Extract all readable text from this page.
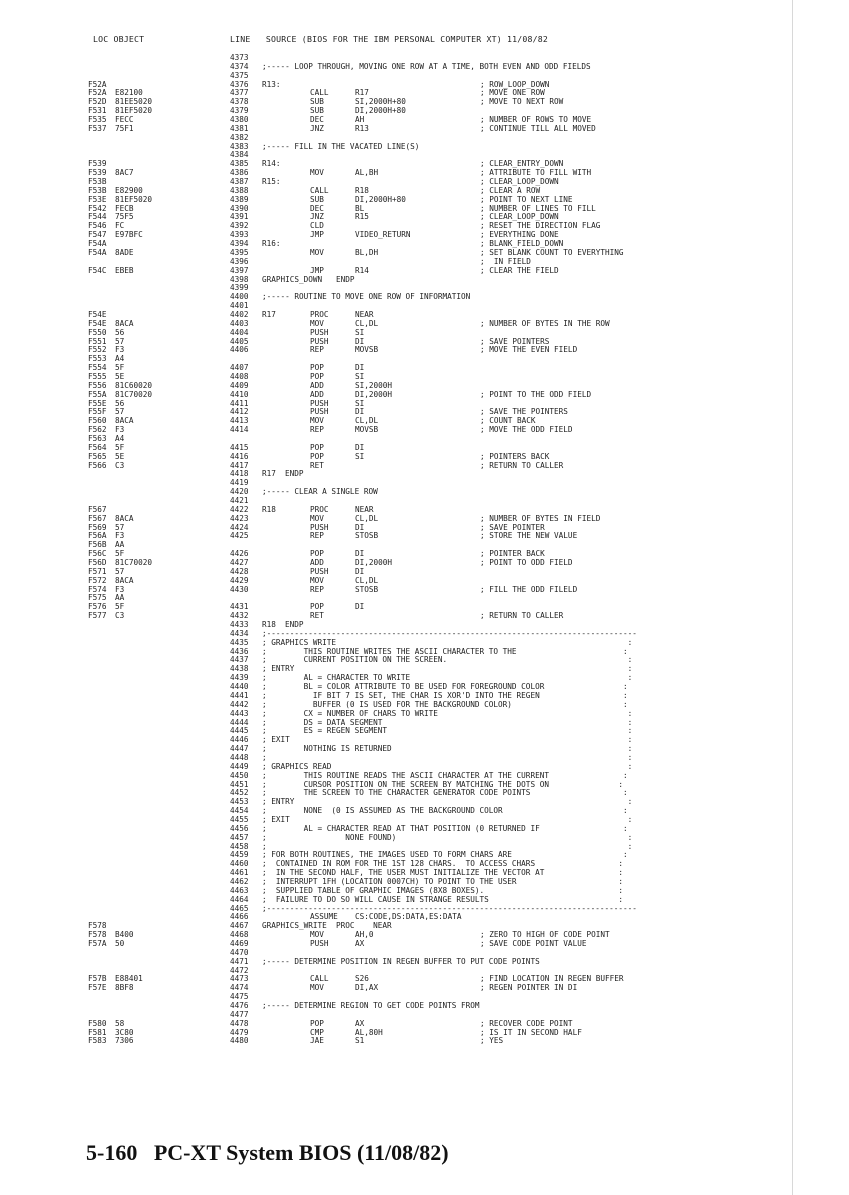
LOC OBJECT	LINE   SOURCE (BIOS FOR THE IBM PERSONAL COMPUTER XT) 11/08/82
4373
4374 ;----- LOOP THROUGH, MOVING ONE ROW AT A TIME, BOTH EVEN AND ODD FIELDS
4375
F52A	4376 R13:	; ROW_LOOP_DOWN
F52A E82100	4377	CALL	R17	; MOVE ONE ROW
F52D 81EE5020	4378	SUB	SI,2000H+80	; MOVE TO NEXT ROW
F531 81EF5020	4379	SUB	DI,2000H+80
F535 FECC	4380	DEC	AH	; NUMBER OF ROWS TO MOVE
F537 75F1	4381	JNZ	R13	; CONTINUE TILL ALL MOVED
4382
4383 ;----- FILL IN THE VACATED LINE(S)
4384
F539	4385 R14:	; CLEAR_ENTRY_DOWN
F539 8AC7	4386	MOV	AL,BH	; ATTRIBUTE TO FILL WITH
F53B	4387 R15:	; CLEAR_LOOP_DOWN
F53B E82900	4388	CALL	R18	; CLEAR A ROW
F53E 81EF5020	4389	SUB	DI,2000H+80	; POINT TO NEXT LINE
F542 FECB	4390	DEC	BL	; NUMBER OF LINES TO FILL
F544 75F5	4391	JNZ	R15	; CLEAR_LOOP_DOWN
F546 FC	4392	CLD	; RESET THE DIRECTION FLAG
F547 E97BFC	4393	JMP	VIDEO_RETURN	; EVERYTHING DONE
F54A	4394 R16:	; BLANK_FIELD_DOWN
F54A 8ADE	4395	MOV	BL,DH	; SET BLANK COUNT TO EVERYTHING
4396	;  IN FIELD
F54C EBEB	4397	JMP	R14	; CLEAR THE FIELD
4398 GRAPHICS_DOWN   ENDP
4399
4400 ;----- ROUTINE TO MOVE ONE ROW OF INFORMATION
4401
F54E	4402 R17	PROC	NEAR
F54E 8ACA	4403	MOV	CL,DL	; NUMBER OF BYTES IN THE ROW
F550 56	4404	PUSH	SI
F551 57	4405	PUSH	DI	; SAVE POINTERS
F552 F3	4406	REP	MOVSB	; MOVE THE EVEN FIELD
F553 A4
F554 5F	4407	POP	DI
F555 5E	4408	POP	SI
F556 81C60020	4409	ADD	SI,2000H
F55A 81C70020	4410	ADD	DI,2000H	; POINT TO THE ODD FIELD
F55E 56	4411	PUSH	SI
F55F 57	4412	PUSH	DI	; SAVE THE POINTERS
F560 8ACA	4413	MOV	CL,DL	; COUNT BACK
F562 F3	4414	REP	MOVSB	; MOVE THE ODD FIELD
F563 A4
F564 5F	4415	POP	DI
F565 5E	4416	POP	SI	; POINTERS BACK
F566 C3	4417	RET	; RETURN TO CALLER
4418 R17 ENDP
4419
4420 ;----- CLEAR A SINGLE ROW
4421
F567	4422 R18	PROC	NEAR
F567 8ACA	4423	MOV	CL,DL	; NUMBER OF BYTES IN FIELD
F569 57	4424	PUSH	DI	; SAVE POINTER
F56A F3	4425	REP	STOSB	; STORE THE NEW VALUE
F56B AA
F56C 5F	4426	POP	DI	; POINTER BACK
F56D 81C70020	4427	ADD	DI,2000H	; POINT TO ODD FIELD
F571 57	4428	PUSH	DI
F572 8ACA	4429	MOV	CL,DL
F574 F3	4430	REP	STOSB	; FILL THE ODD FILELD
F575 AA
F576 5F	4431	POP	DI
F577 C3	4432	RET	; RETURN TO CALLER
4433 R18 ENDP
4434 ;--------------------------------------------------------------------------------
4435 ; GRAPHICS WRITE                                                               :
4436 ;        THIS ROUTINE WRITES THE ASCII CHARACTER TO THE                       :
4437 ;        CURRENT POSITION ON THE SCREEN.                                       :
4438 ; ENTRY                                                                        :
4439 ;        AL = CHARACTER TO WRITE                                               :
4440 ;        BL = COLOR ATTRIBUTE TO BE USED FOR FOREGROUND COLOR                 :
4441 ;          IF BIT 7 IS SET, THE CHAR IS XOR'D INTO THE REGEN                  :
4442 ;          BUFFER (0 IS USED FOR THE BACKGROUND COLOR)                        :
4443 ;        CX = NUMBER OF CHARS TO WRITE                                         :
4444 ;        DS = DATA SEGMENT                                                     :
4445 ;        ES = REGEN SEGMENT                                                    :
4446 ; EXIT                                                                         :
4447 ;        NOTHING IS RETURNED                                                   :
4448 ;                                                                              :
4449 ; GRAPHICS READ                                                                :
4450 ;        THIS ROUTINE READS THE ASCII CHARACTER AT THE CURRENT                :
4451 ;        CURSOR POSITION ON THE SCREEN BY MATCHING THE DOTS ON               :
4452 ;        THE SCREEN TO THE CHARACTER GENERATOR CODE POINTS                    :
4453 ; ENTRY                                                                        :
4454 ;        NONE  (0 IS ASSUMED AS THE BACKGROUND COLOR                          :
4455 ; EXIT                                                                         :
4456 ;        AL = CHARACTER READ AT THAT POSITION (0 RETURNED IF                  :
4457 ;                 NONE FOUND)                                                  :
4458 ;                                                                              :
4459 ; FOR BOTH ROUTINES, THE IMAGES USED TO FORM CHARS ARE                        :
4460 ;  CONTAINED IN ROM FOR THE 1ST 128 CHARS.  TO ACCESS CHARS                  :
4461 ;  IN THE SECOND HALF, THE USER MUST INITIALIZE THE VECTOR AT                :
4462 ;  INTERRUPT 1FH (LOCATION 0007CH) TO POINT TO THE USER                      :
4463 ;  SUPPLIED TABLE OF GRAPHIC IMAGES (8X8 BOXES).                             :
4464 ;  FAILURE TO DO SO WILL CAUSE IN STRANGE RESULTS                            :
4465 ;--------------------------------------------------------------------------------
4466	ASSUME CS:CODE,DS:DATA,ES:DATA
F578	4467 GRAPHICS_WRITE  PROC    NEAR
F578 B400	4468	MOV	AH,0	; ZERO TO HIGH OF CODE POINT
F57A 50	4469	PUSH	AX	; SAVE CODE POINT VALUE
4470
4471 ;----- DETERMINE POSITION IN REGEN BUFFER TO PUT CODE POINTS
4472
F57B E88401	4473	CALL	S26	; FIND LOCATION IN REGEN BUFFER
F57E 8BF8	4474	MOV	DI,AX	; REGEN POINTER IN DI
4475
4476 ;----- DETERMINE REGION TO GET CODE POINTS FROM
4477
F580 58	4478	POP	AX	; RECOVER CODE POINT
F581 3C80	4479	CMP	AL,80H	; IS IT IN SECOND HALF
F583 7306	4480	JAE	S1	; YES
5-160 PC-XT System BIOS (11/08/82)
